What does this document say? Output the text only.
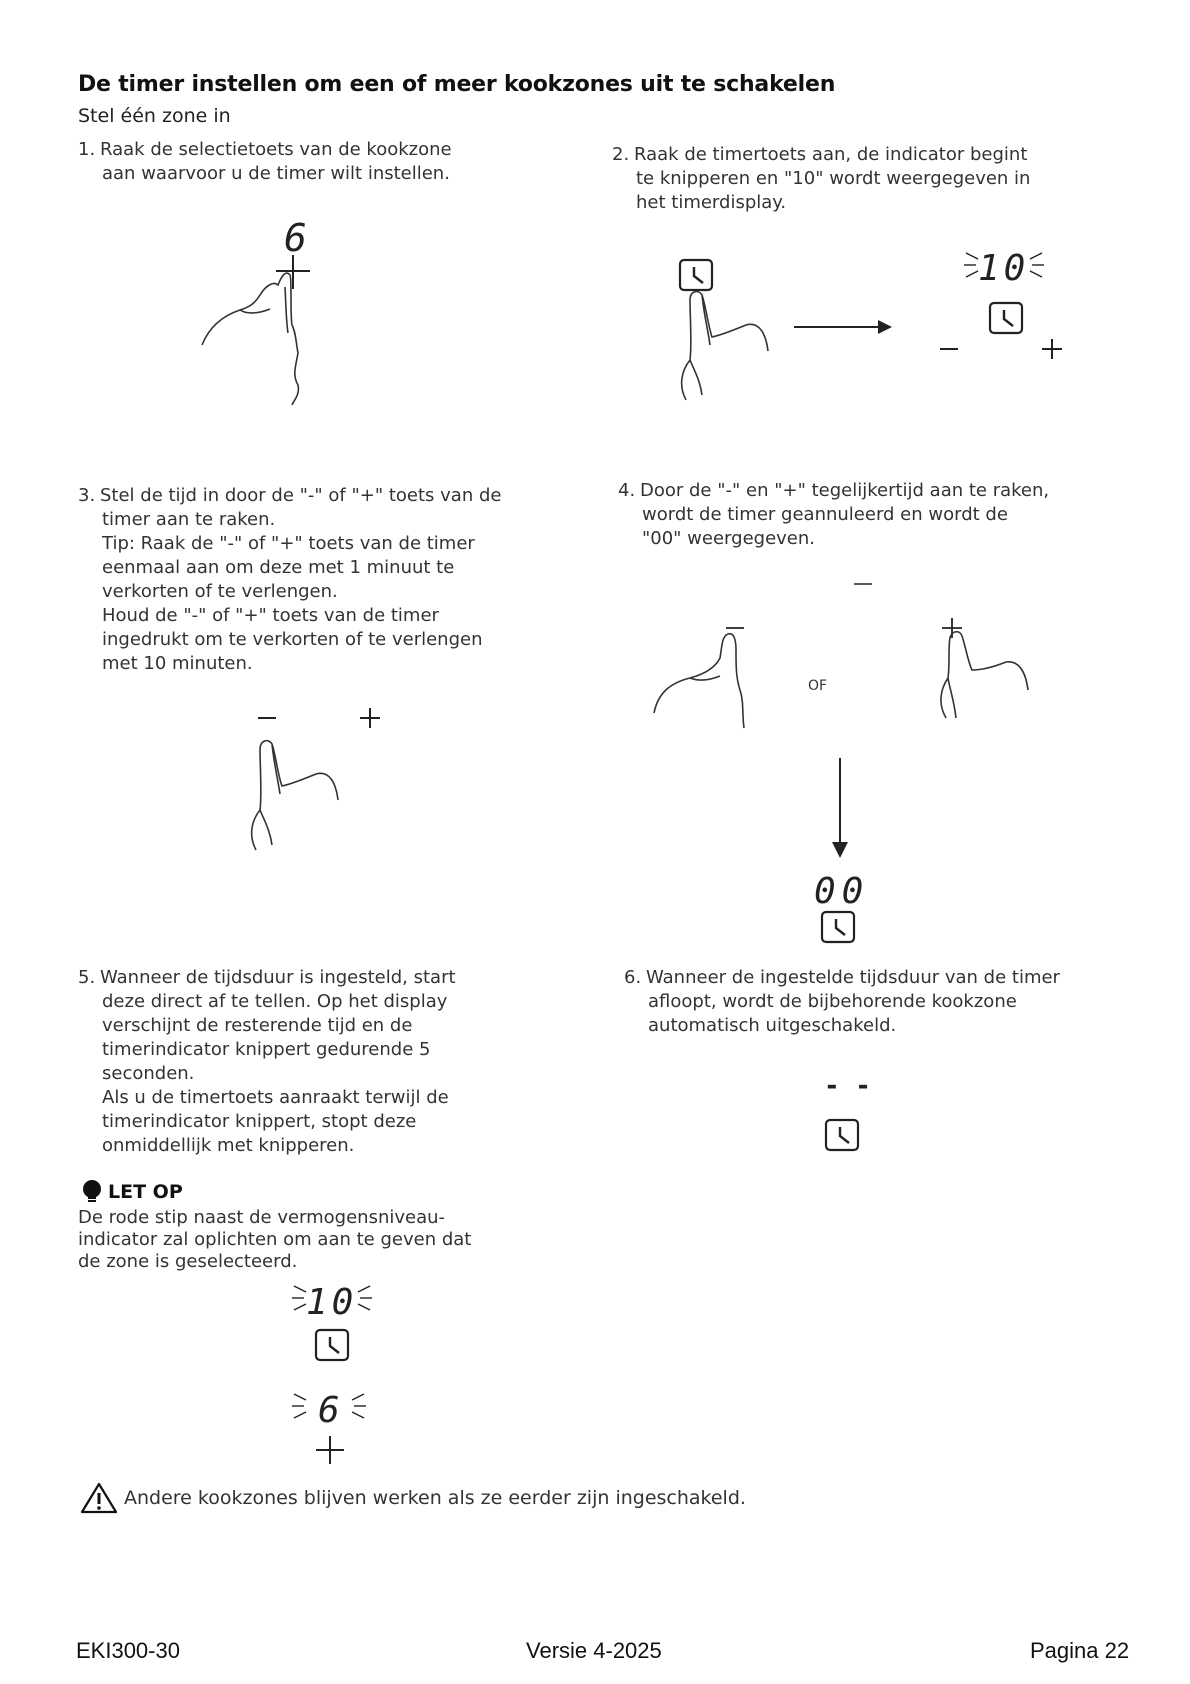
De timer instellen om een of meer kookzones uit te schakelen
Stel één zone in
1. Raak de selectietoets van de kookzone
aan waarvoor u de timer wilt instellen.
2. Raak de timertoets aan, de indicator begint
te knipperen en "10" wordt weergegeven in
het timerdisplay.
6
10
3. Stel de tijd in door de "-" of "+" toets van de
timer aan te raken.
Tip: Raak de "-" of "+" toets van de timer
eenmaal aan om deze met 1 minuut te
verkorten of te verlengen.
Houd de "-" of "+" toets van de timer
ingedrukt om te verkorten of te verlengen
met 10 minuten.
4. Door de "-" en "+" tegelijkertijd aan te raken,
wordt de timer geannuleerd en wordt de
"00" weergegeven.
OF
00
5. Wanneer de tijdsduur is ingesteld, start
deze direct af te tellen. Op het display
verschijnt de resterende tijd en de
timerindicator knippert gedurende 5
seconden.
Als u de timertoets aanraakt terwijl de
timerindicator knippert, stopt deze
onmiddellijk met knipperen.
6. Wanneer de ingestelde tijdsduur van de timer
afloopt, wordt de bijbehorende kookzone
automatisch uitgeschakeld.
- -
LET OP
De rode stip naast de vermogensniveau-
indicator zal oplichten om aan te geven dat
de zone is geselecteerd.
10
6
Andere kookzones blijven werken als ze eerder zijn ingeschakeld.
EKI300-30	Versie 4-2025	Pagina 22
